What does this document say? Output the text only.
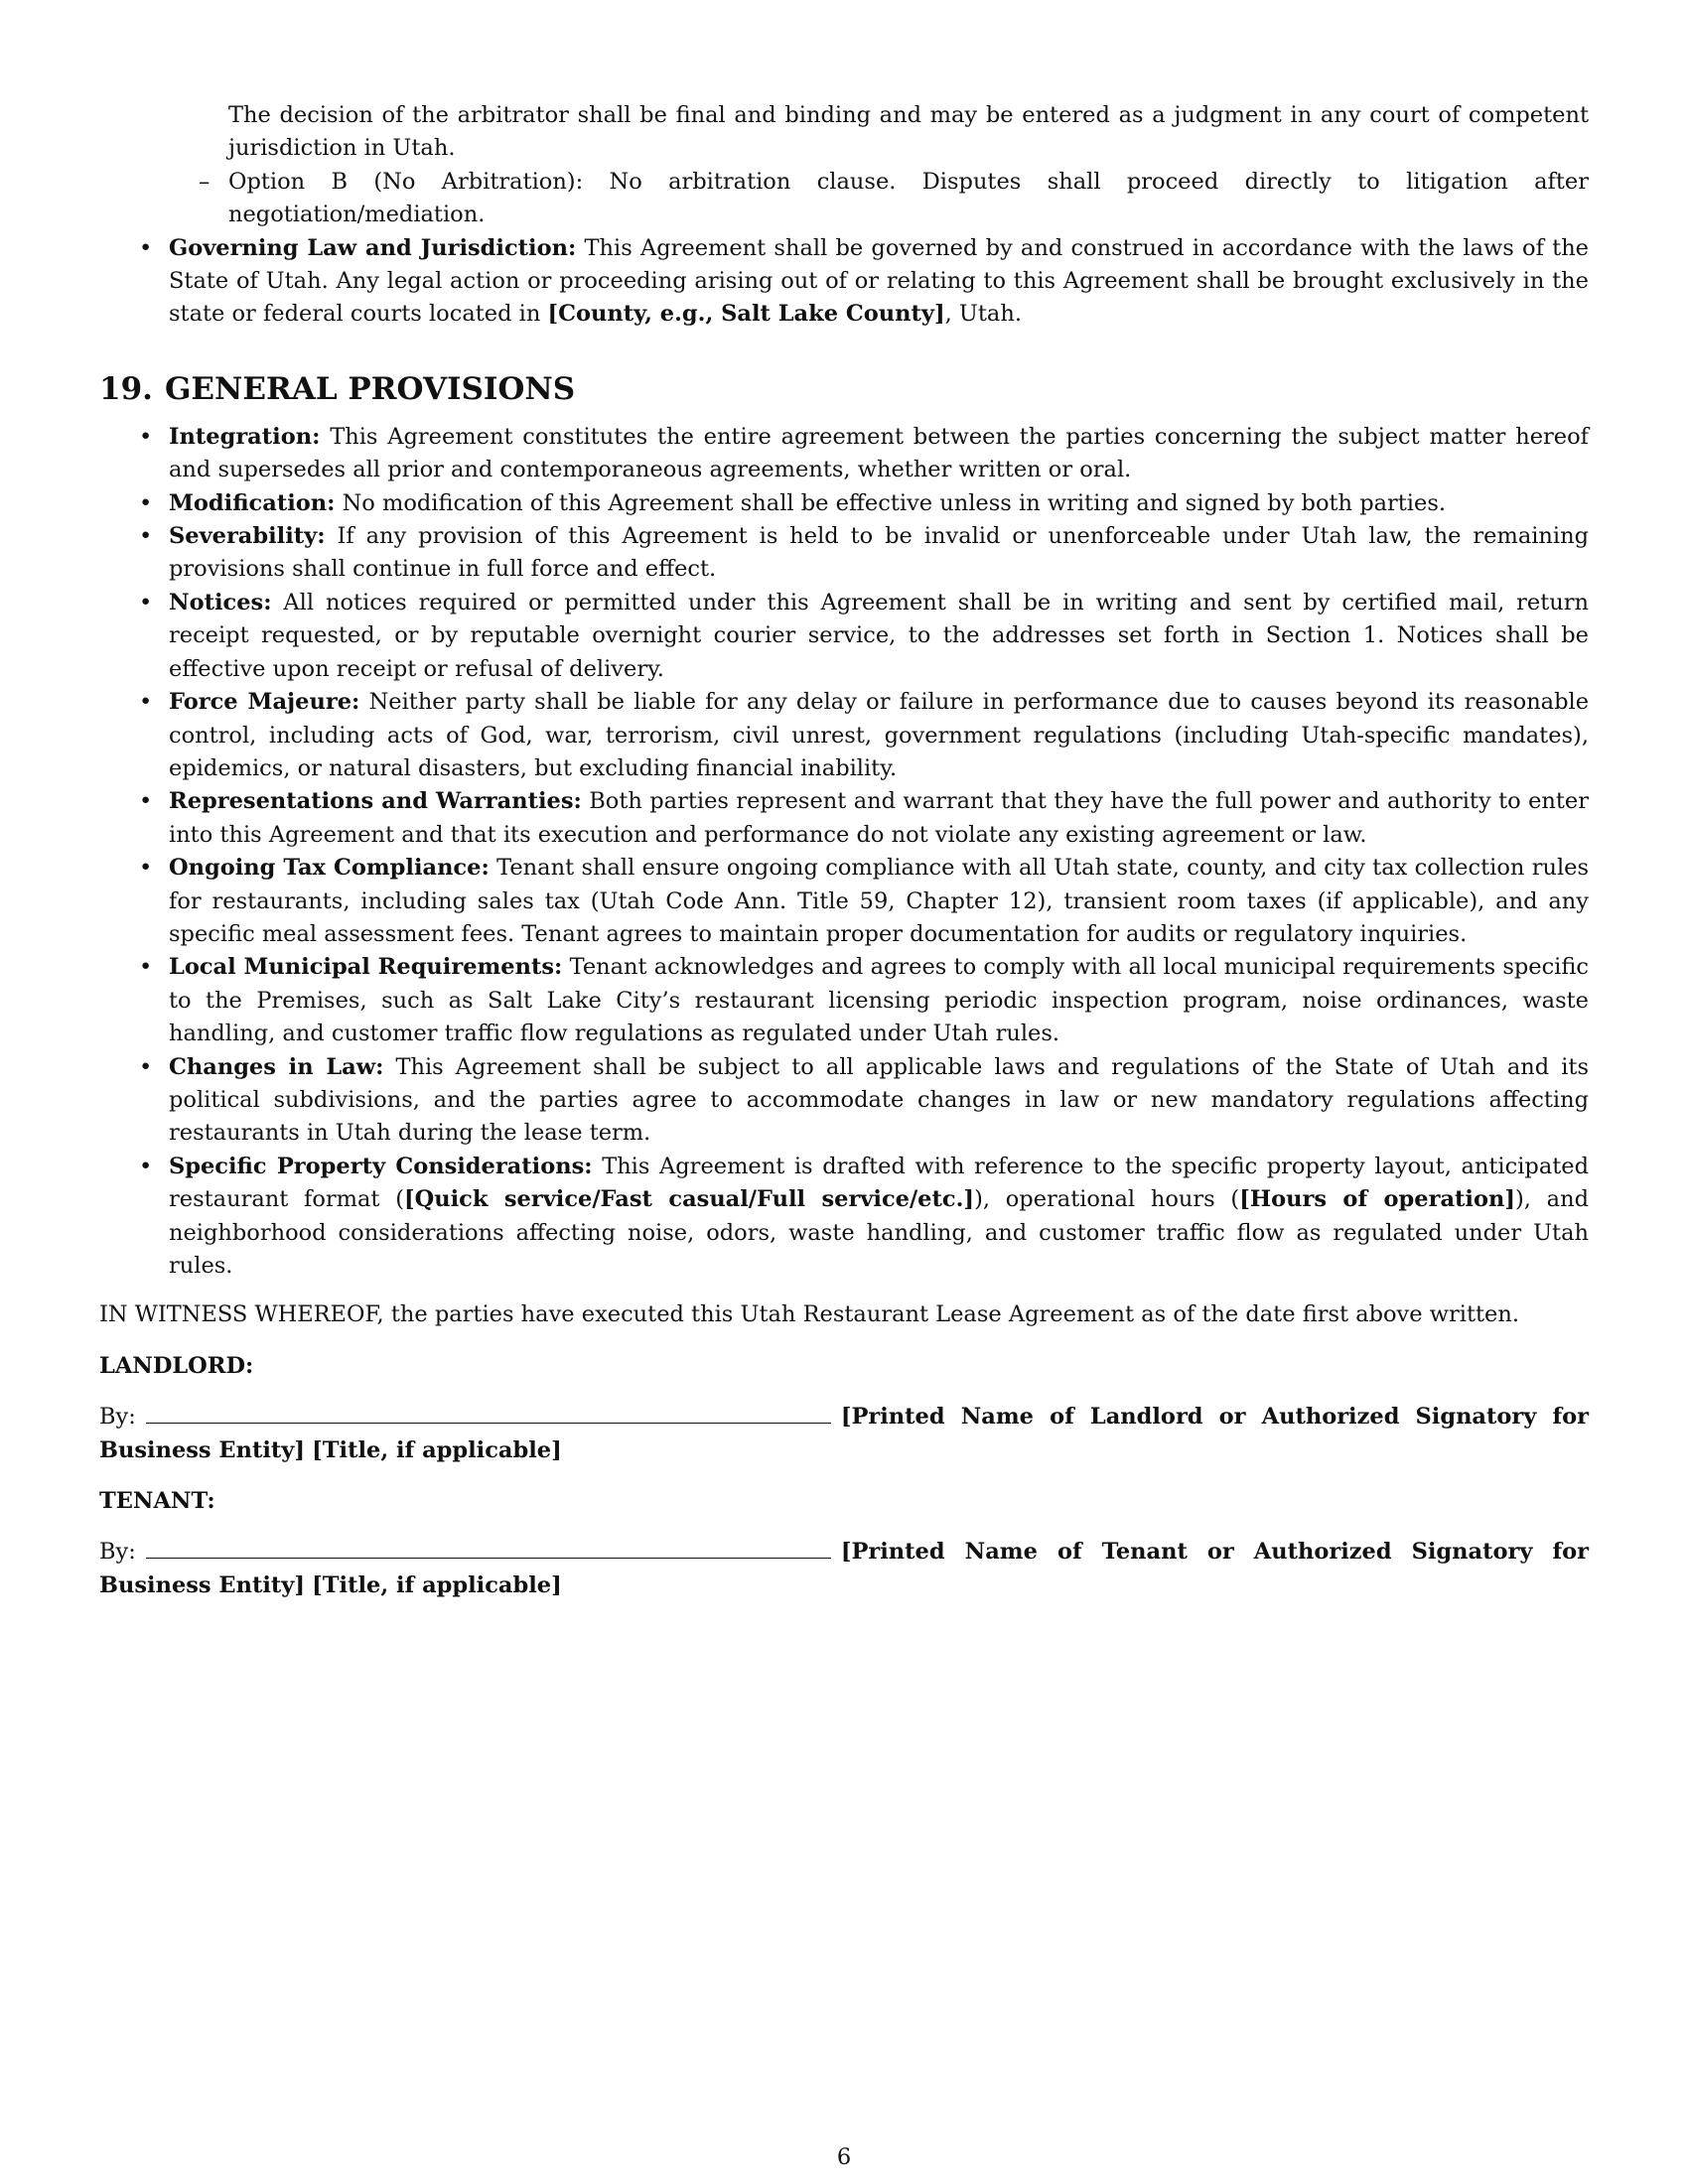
The decision of the arbitrator shall be final and binding and may be entered as a judgment in any court of competent jurisdiction in Utah.

– Option B (No Arbitration): No arbitration clause. Disputes shall proceed directly to litigation after negotiation/mediation.

• Governing Law and Jurisdiction: This Agreement shall be governed by and construed in accordance with the laws of the State of Utah. Any legal action or proceeding arising out of or relating to this Agreement shall be brought exclusively in the state or federal courts located in [County, e.g., Salt Lake County], Utah.
19. GENERAL PROVISIONS
• Integration: This Agreement constitutes the entire agreement between the parties concerning the subject matter hereof and supersedes all prior and contemporaneous agreements, whether written or oral.
• Modification: No modification of this Agreement shall be effective unless in writing and signed by both parties.
• Severability: If any provision of this Agreement is held to be invalid or unenforceable under Utah law, the remaining provisions shall continue in full force and effect.
• Notices: All notices required or permitted under this Agreement shall be in writing and sent by certified mail, return receipt requested, or by reputable overnight courier service, to the addresses set forth in Section 1. Notices shall be effective upon receipt or refusal of delivery.
• Force Majeure: Neither party shall be liable for any delay or failure in performance due to causes beyond its reasonable control, including acts of God, war, terrorism, civil unrest, government regulations (including Utah-specific mandates), epidemics, or natural disasters, but excluding financial inability.
• Representations and Warranties: Both parties represent and warrant that they have the full power and authority to enter into this Agreement and that its execution and performance do not violate any existing agreement or law.
• Ongoing Tax Compliance: Tenant shall ensure ongoing compliance with all Utah state, county, and city tax collection rules for restaurants, including sales tax (Utah Code Ann. Title 59, Chapter 12), transient room taxes (if applicable), and any specific meal assessment fees. Tenant agrees to maintain proper documentation for audits or regulatory inquiries.
• Local Municipal Requirements: Tenant acknowledges and agrees to comply with all local municipal requirements specific to the Premises, such as Salt Lake City’s restaurant licensing periodic inspection program, noise ordinances, waste handling, and customer traffic flow regulations as regulated under Utah rules.
• Changes in Law: This Agreement shall be subject to all applicable laws and regulations of the State of Utah and its political subdivisions, and the parties agree to accommodate changes in law or new mandatory regulations affecting restaurants in Utah during the lease term.
• Specific Property Considerations: This Agreement is drafted with reference to the specific property layout, anticipated restaurant format ([Quick service/Fast casual/Full service/etc.]), operational hours ([Hours of operation]), and neighborhood considerations affecting noise, odors, waste handling, and customer traffic flow as regulated under Utah rules.

IN WITNESS WHEREOF, the parties have executed this Utah Restaurant Lease Agreement as of the date first above written.

LANDLORD:

By:	[Printed Name of Landlord or Authorized Signatory for Business Entity] [Title, if applicable]

TENANT:

By:	[Printed Name of Tenant or Authorized Signatory for Business Entity] [Title, if applicable]

6
